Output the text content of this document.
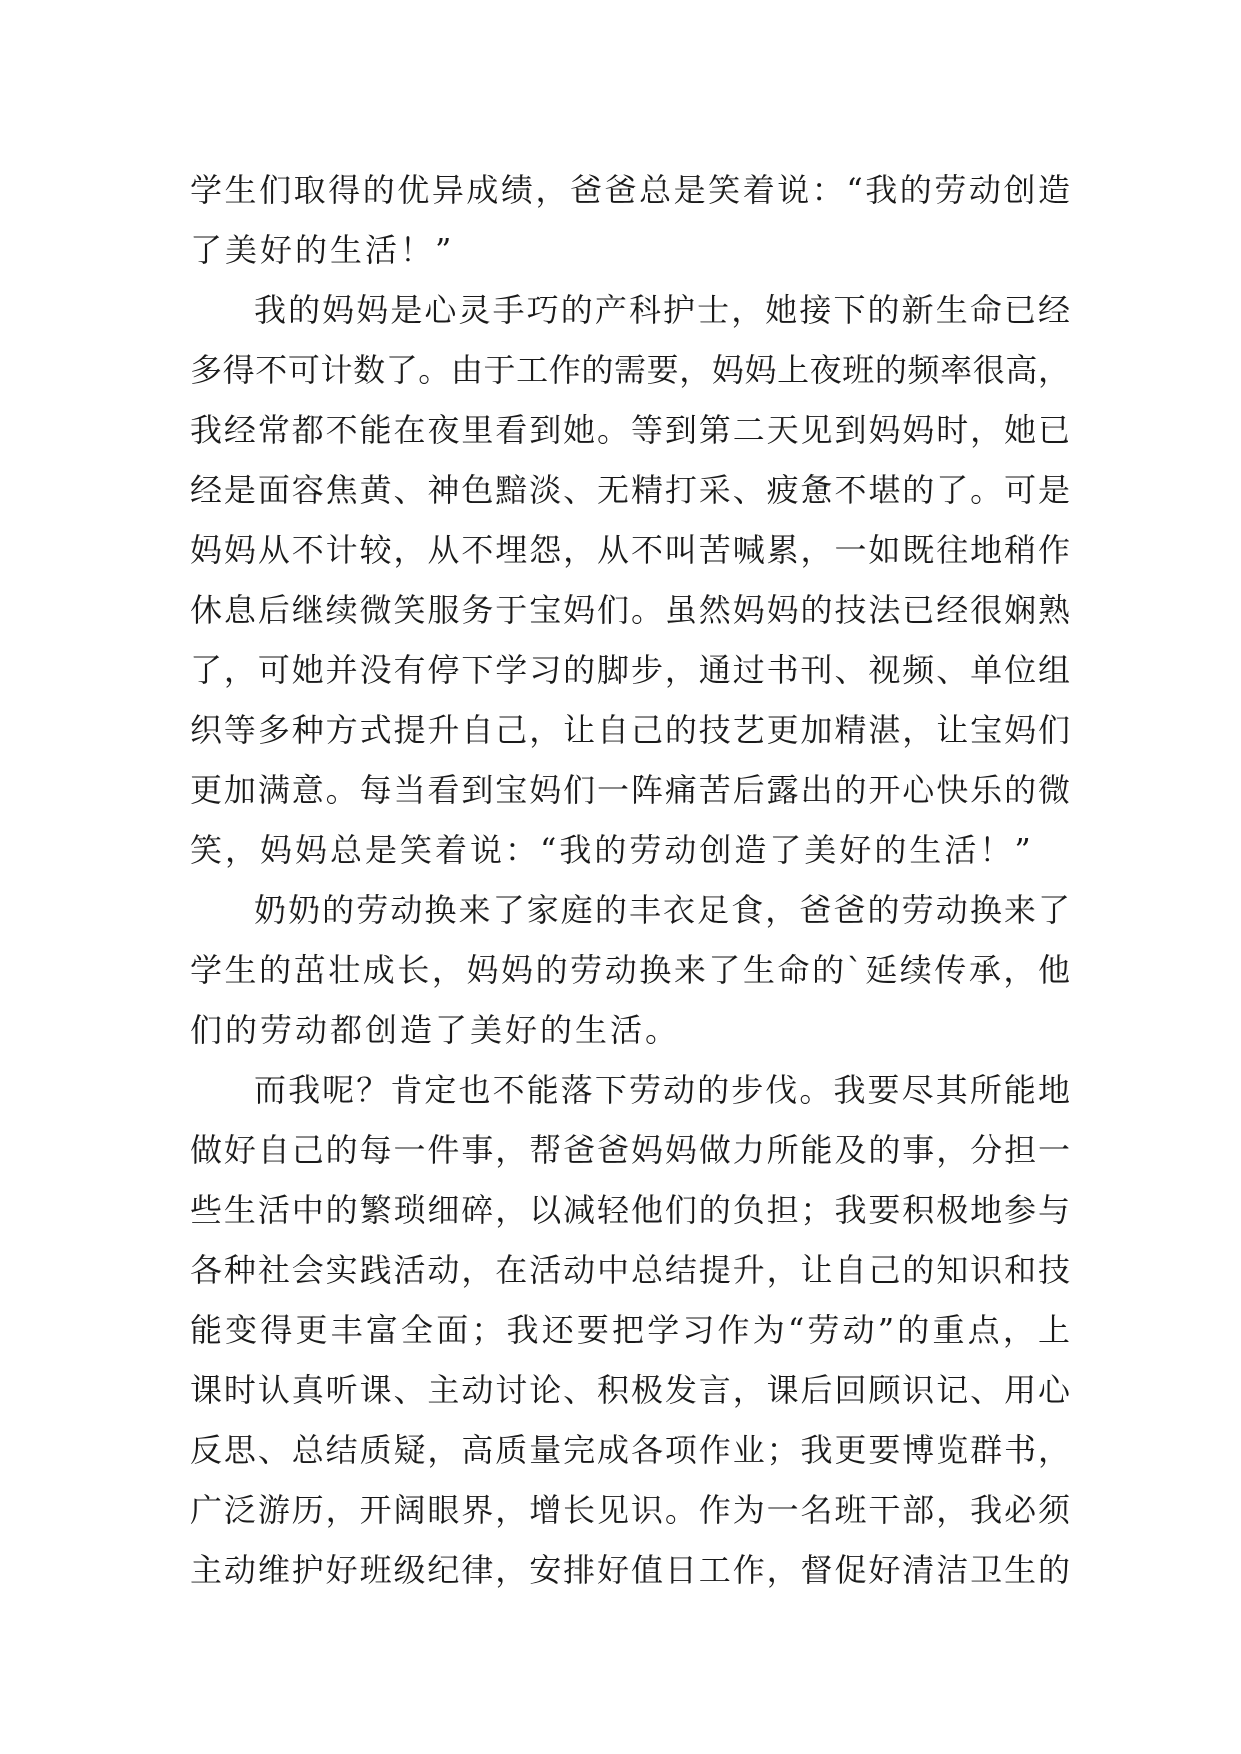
学生们取得的优异成绩，爸爸总是笑着说：“我的劳动创造
了美好的生活！”
我的妈妈是心灵手巧的产科护士，她接下的新生命已经
多得不可计数了。由于工作的需要，妈妈上夜班的频率很高，
我经常都不能在夜里看到她。等到第二天见到妈妈时，她已
经是面容焦黄、神色黯淡、无精打采、疲惫不堪的了。可是
妈妈从不计较，从不埋怨，从不叫苦喊累，一如既往地稍作
休息后继续微笑服务于宝妈们。虽然妈妈的技法已经很娴熟
了，可她并没有停下学习的脚步，通过书刊、视频、单位组
织等多种方式提升自己，让自己的技艺更加精湛，让宝妈们
更加满意。每当看到宝妈们一阵痛苦后露出的开心快乐的微
笑，妈妈总是笑着说：“我的劳动创造了美好的生活！”
奶奶的劳动换来了家庭的丰衣足食，爸爸的劳动换来了
学生的茁壮成长，妈妈的劳动换来了生命的`延续传承，他
们的劳动都创造了美好的生活。
而我呢？肯定也不能落下劳动的步伐。我要尽其所能地
做好自己的每一件事，帮爸爸妈妈做力所能及的事，分担一
些生活中的繁琐细碎，以减轻他们的负担；我要积极地参与
各种社会实践活动，在活动中总结提升，让自己的知识和技
能变得更丰富全面；我还要把学习作为“劳动”的重点，上
课时认真听课、主动讨论、积极发言，课后回顾识记、用心
反思、总结质疑，高质量完成各项作业；我更要博览群书，
广泛游历，开阔眼界，增长见识。作为一名班干部，我必须
主动维护好班级纪律，安排好值日工作，督促好清洁卫生的
